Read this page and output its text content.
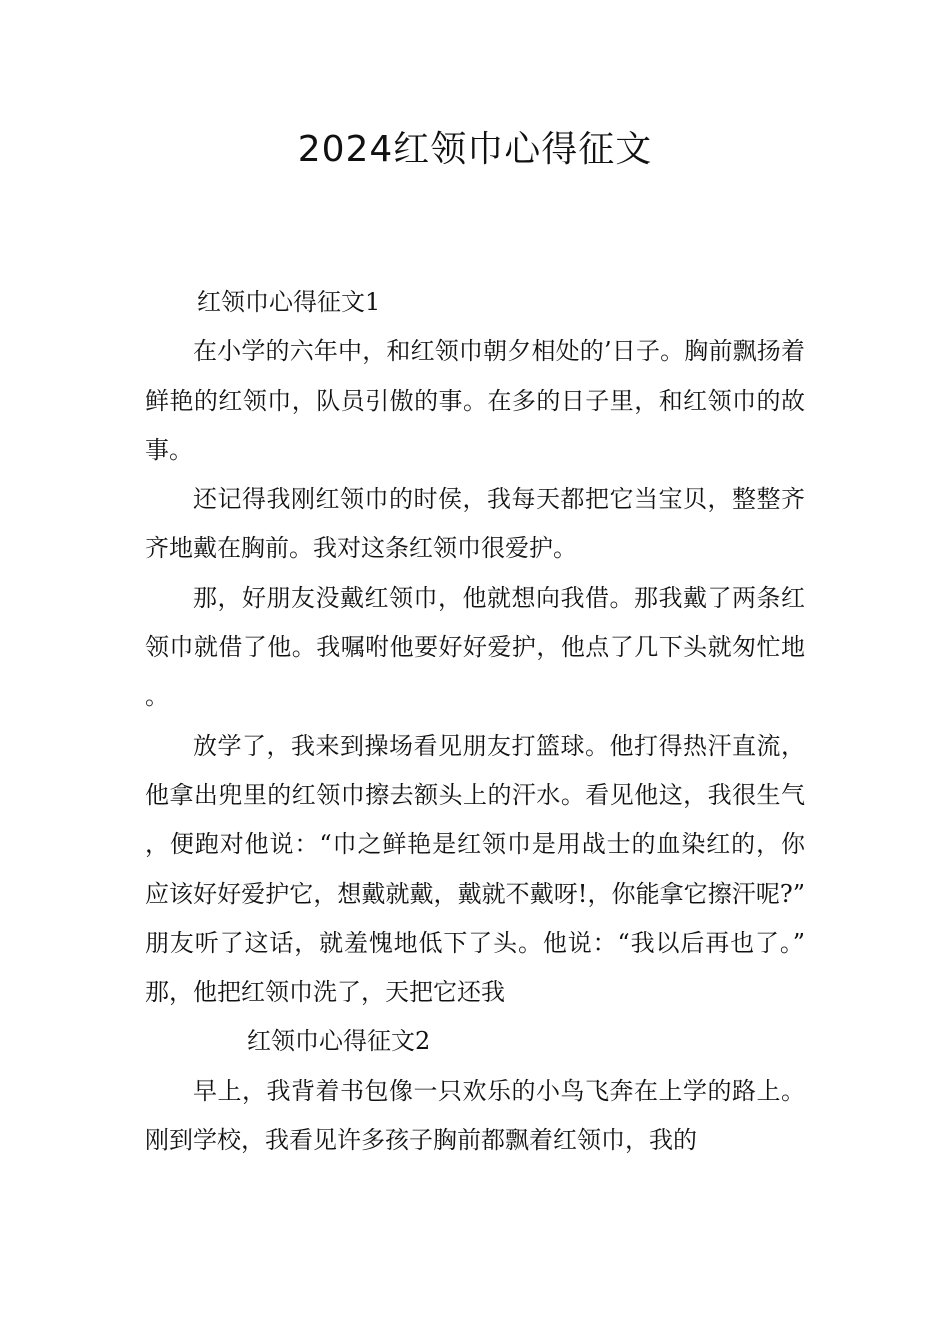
2024红领巾心得征文

红领巾心得征文1

在小学的六年中，和红领巾朝夕相处的’日子。胸前飘扬着鲜艳的红领巾，队员引傲的事。在多的日子里，和红领巾的故事。

还记得我刚红领巾的时侯，我每天都把它当宝贝，整整齐齐地戴在胸前。我对这条红领巾很爱护。

那，好朋友没戴红领巾，他就想向我借。那我戴了两条红领巾就借了他。我嘱咐他要好好爱护，他点了几下头就匆忙地。

放学了，我来到操场看见朋友打篮球。他打得热汗直流，他拿出兜里的红领巾擦去额头上的汗水。看见他这，我很生气，便跑对他说：“巾之鲜艳是红领巾是用战士的血染红的，你应该好好爱护它，想戴就戴，戴就不戴呀!，你能拿它擦汗呢?”朋友听了这话，就羞愧地低下了头。他说：“我以后再也了。”那，他把红领巾洗了，天把它还我

红领巾心得征文2

早上，我背着书包像一只欢乐的小鸟飞奔在上学的路上。刚到学校，我看见许多孩子胸前都飘着红领巾，我的
